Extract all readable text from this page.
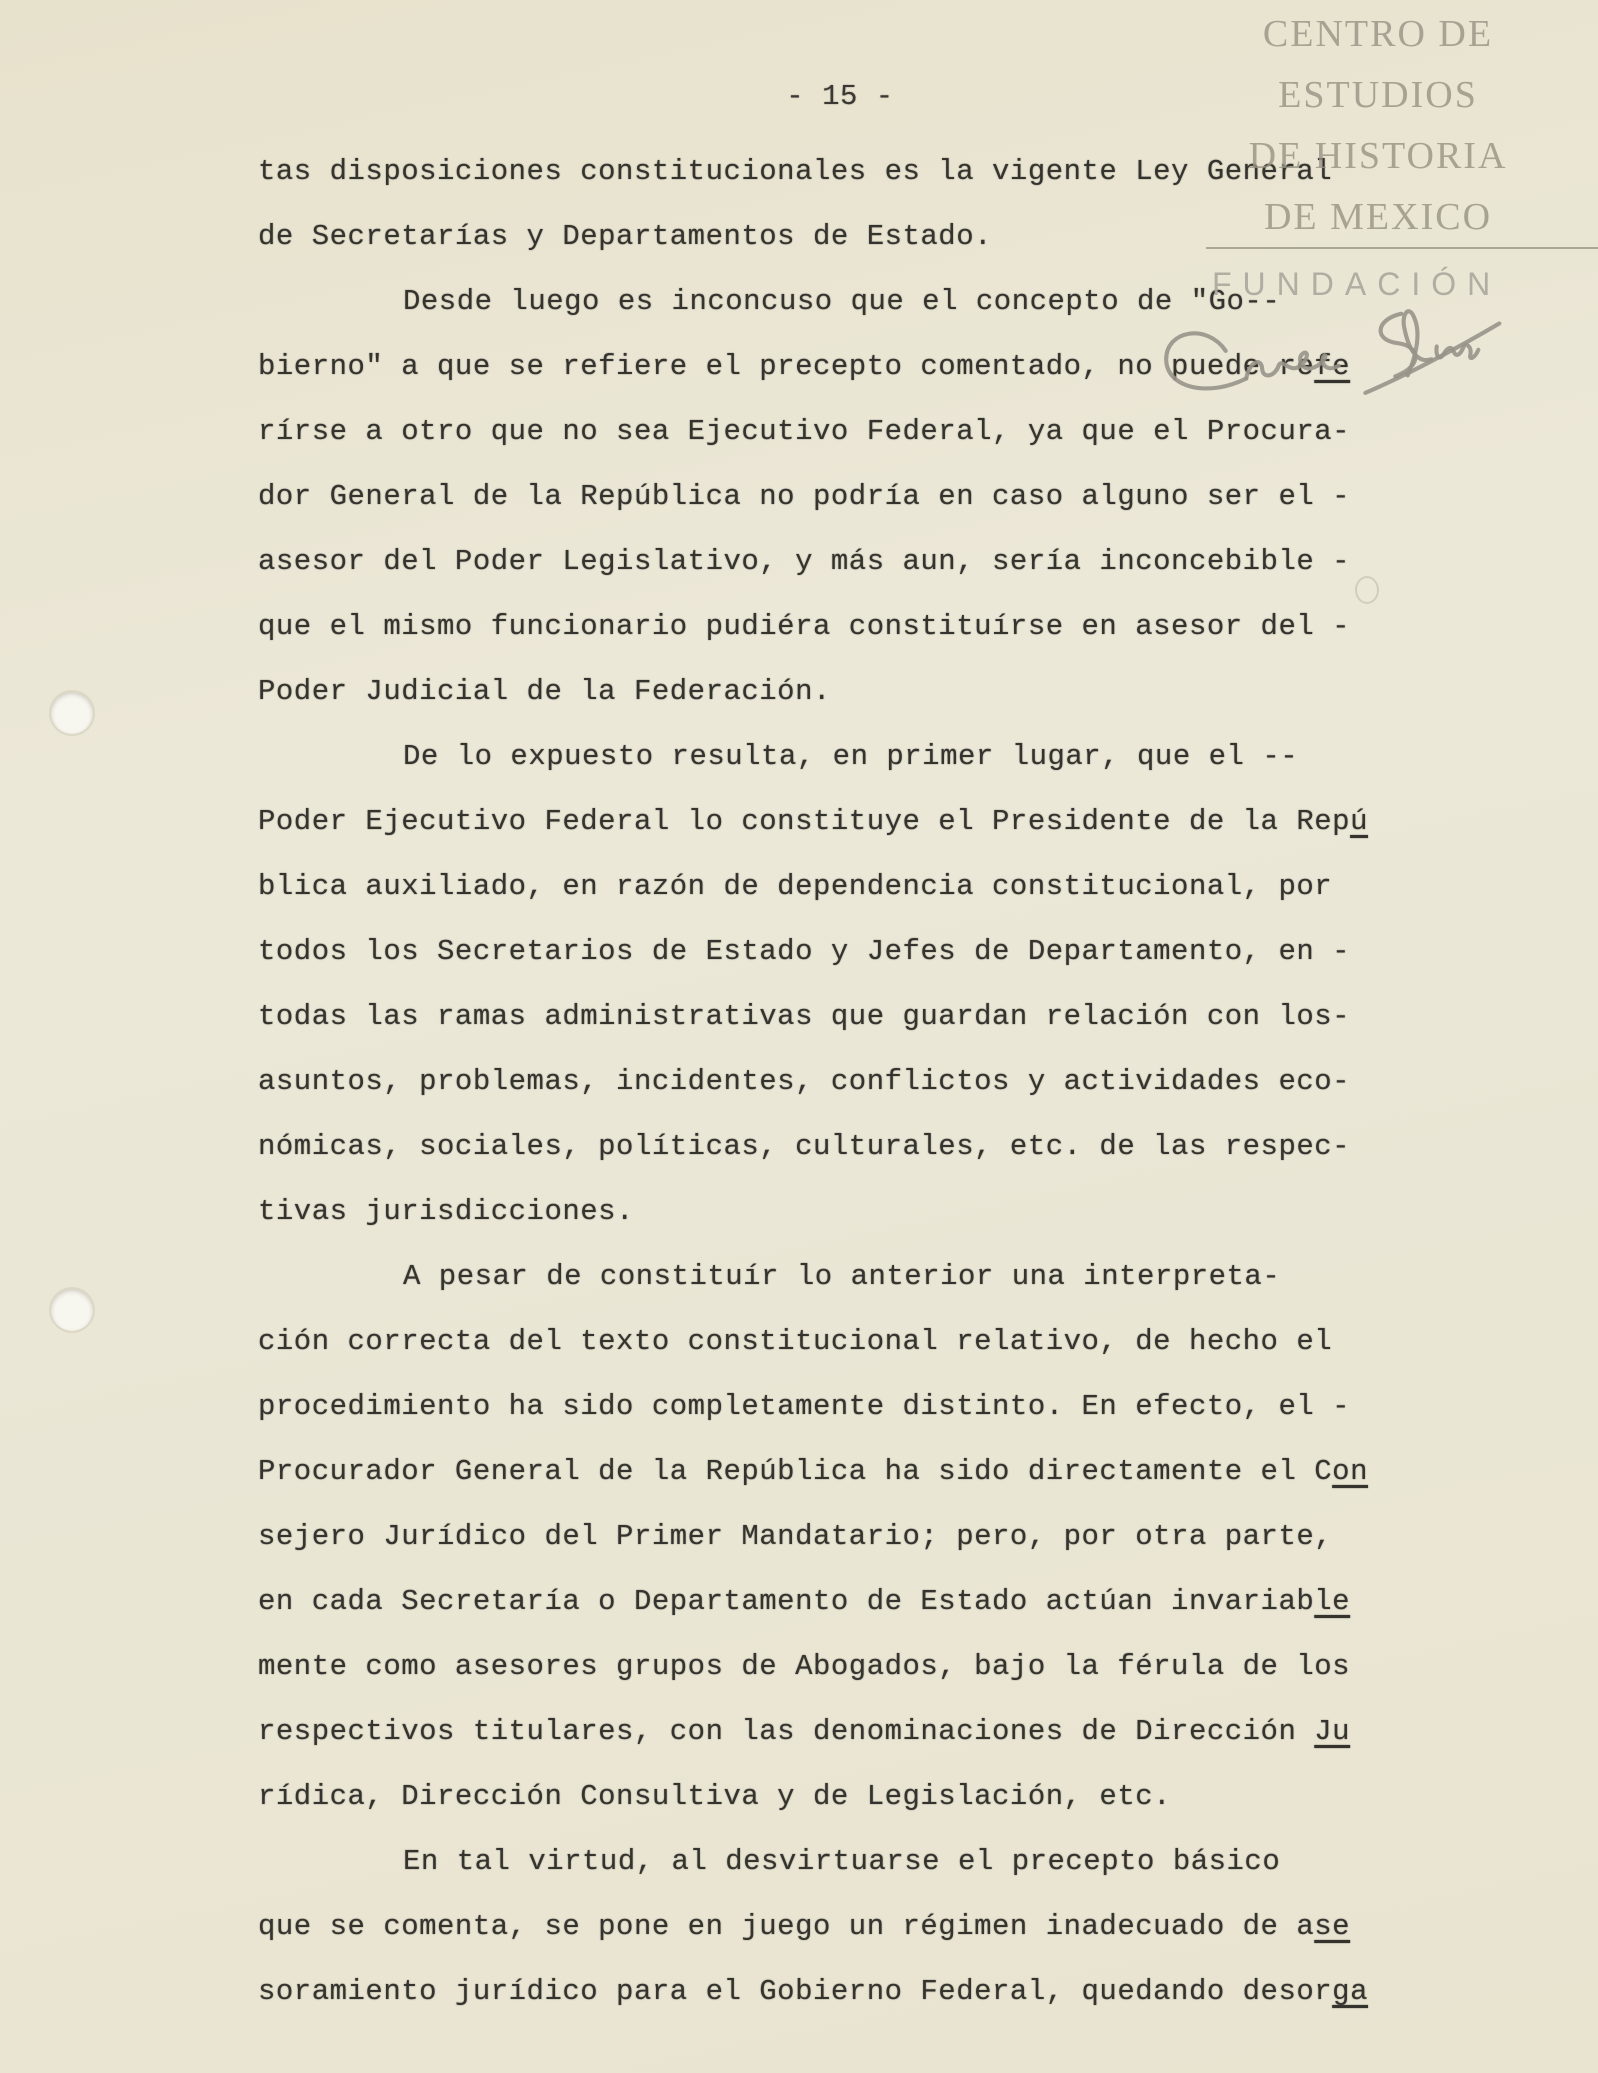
- 15 -
tas disposiciones constitucionales es la vigente Ley General
de Secretarías y Departamentos de Estado.
Desde luego es inconcuso que el concepto de "Go--
bierno" a que se refiere el precepto comentado, no puede refe
rírse a otro que no sea Ejecutivo Federal, ya que el Procura-
dor General de la República no podría en caso alguno ser el -
asesor del Poder Legislativo, y más aun, sería inconcebible -
que el mismo funcionario pudiéra constituírse en asesor del -
Poder Judicial de la Federación.
De lo expuesto resulta, en primer lugar, que el --
Poder Ejecutivo Federal lo constituye el Presidente de la Repú
blica auxiliado, en razón de dependencia constitucional, por
todos los Secretarios de Estado y Jefes de Departamento, en -
todas las ramas administrativas que guardan relación con los-
asuntos, problemas, incidentes, conflictos y actividades eco-
nómicas, sociales, políticas, culturales, etc. de las respec-
tivas jurisdicciones.
A pesar de constituír lo anterior una interpreta-
ción correcta del texto constitucional relativo, de hecho el
procedimiento ha sido completamente distinto. En efecto, el -
Procurador General de la República ha sido directamente el Con
sejero Jurídico del Primer Mandatario; pero, por otra parte,
en cada Secretaría o Departamento de Estado actúan invariable
mente como asesores grupos de Abogados, bajo la férula de los
respectivos titulares, con las denominaciones de Dirección Ju
rídica, Dirección Consultiva y de Legislación, etc.
En tal virtud, al desvirtuarse el precepto básico
que se comenta, se pone en juego un régimen inadecuado de ase
soramiento jurídico para el Gobierno Federal, quedando desorga
CENTRO DE
ESTUDIOS
DE HISTORIA
DE MEXICO
FUNDACIÓN
